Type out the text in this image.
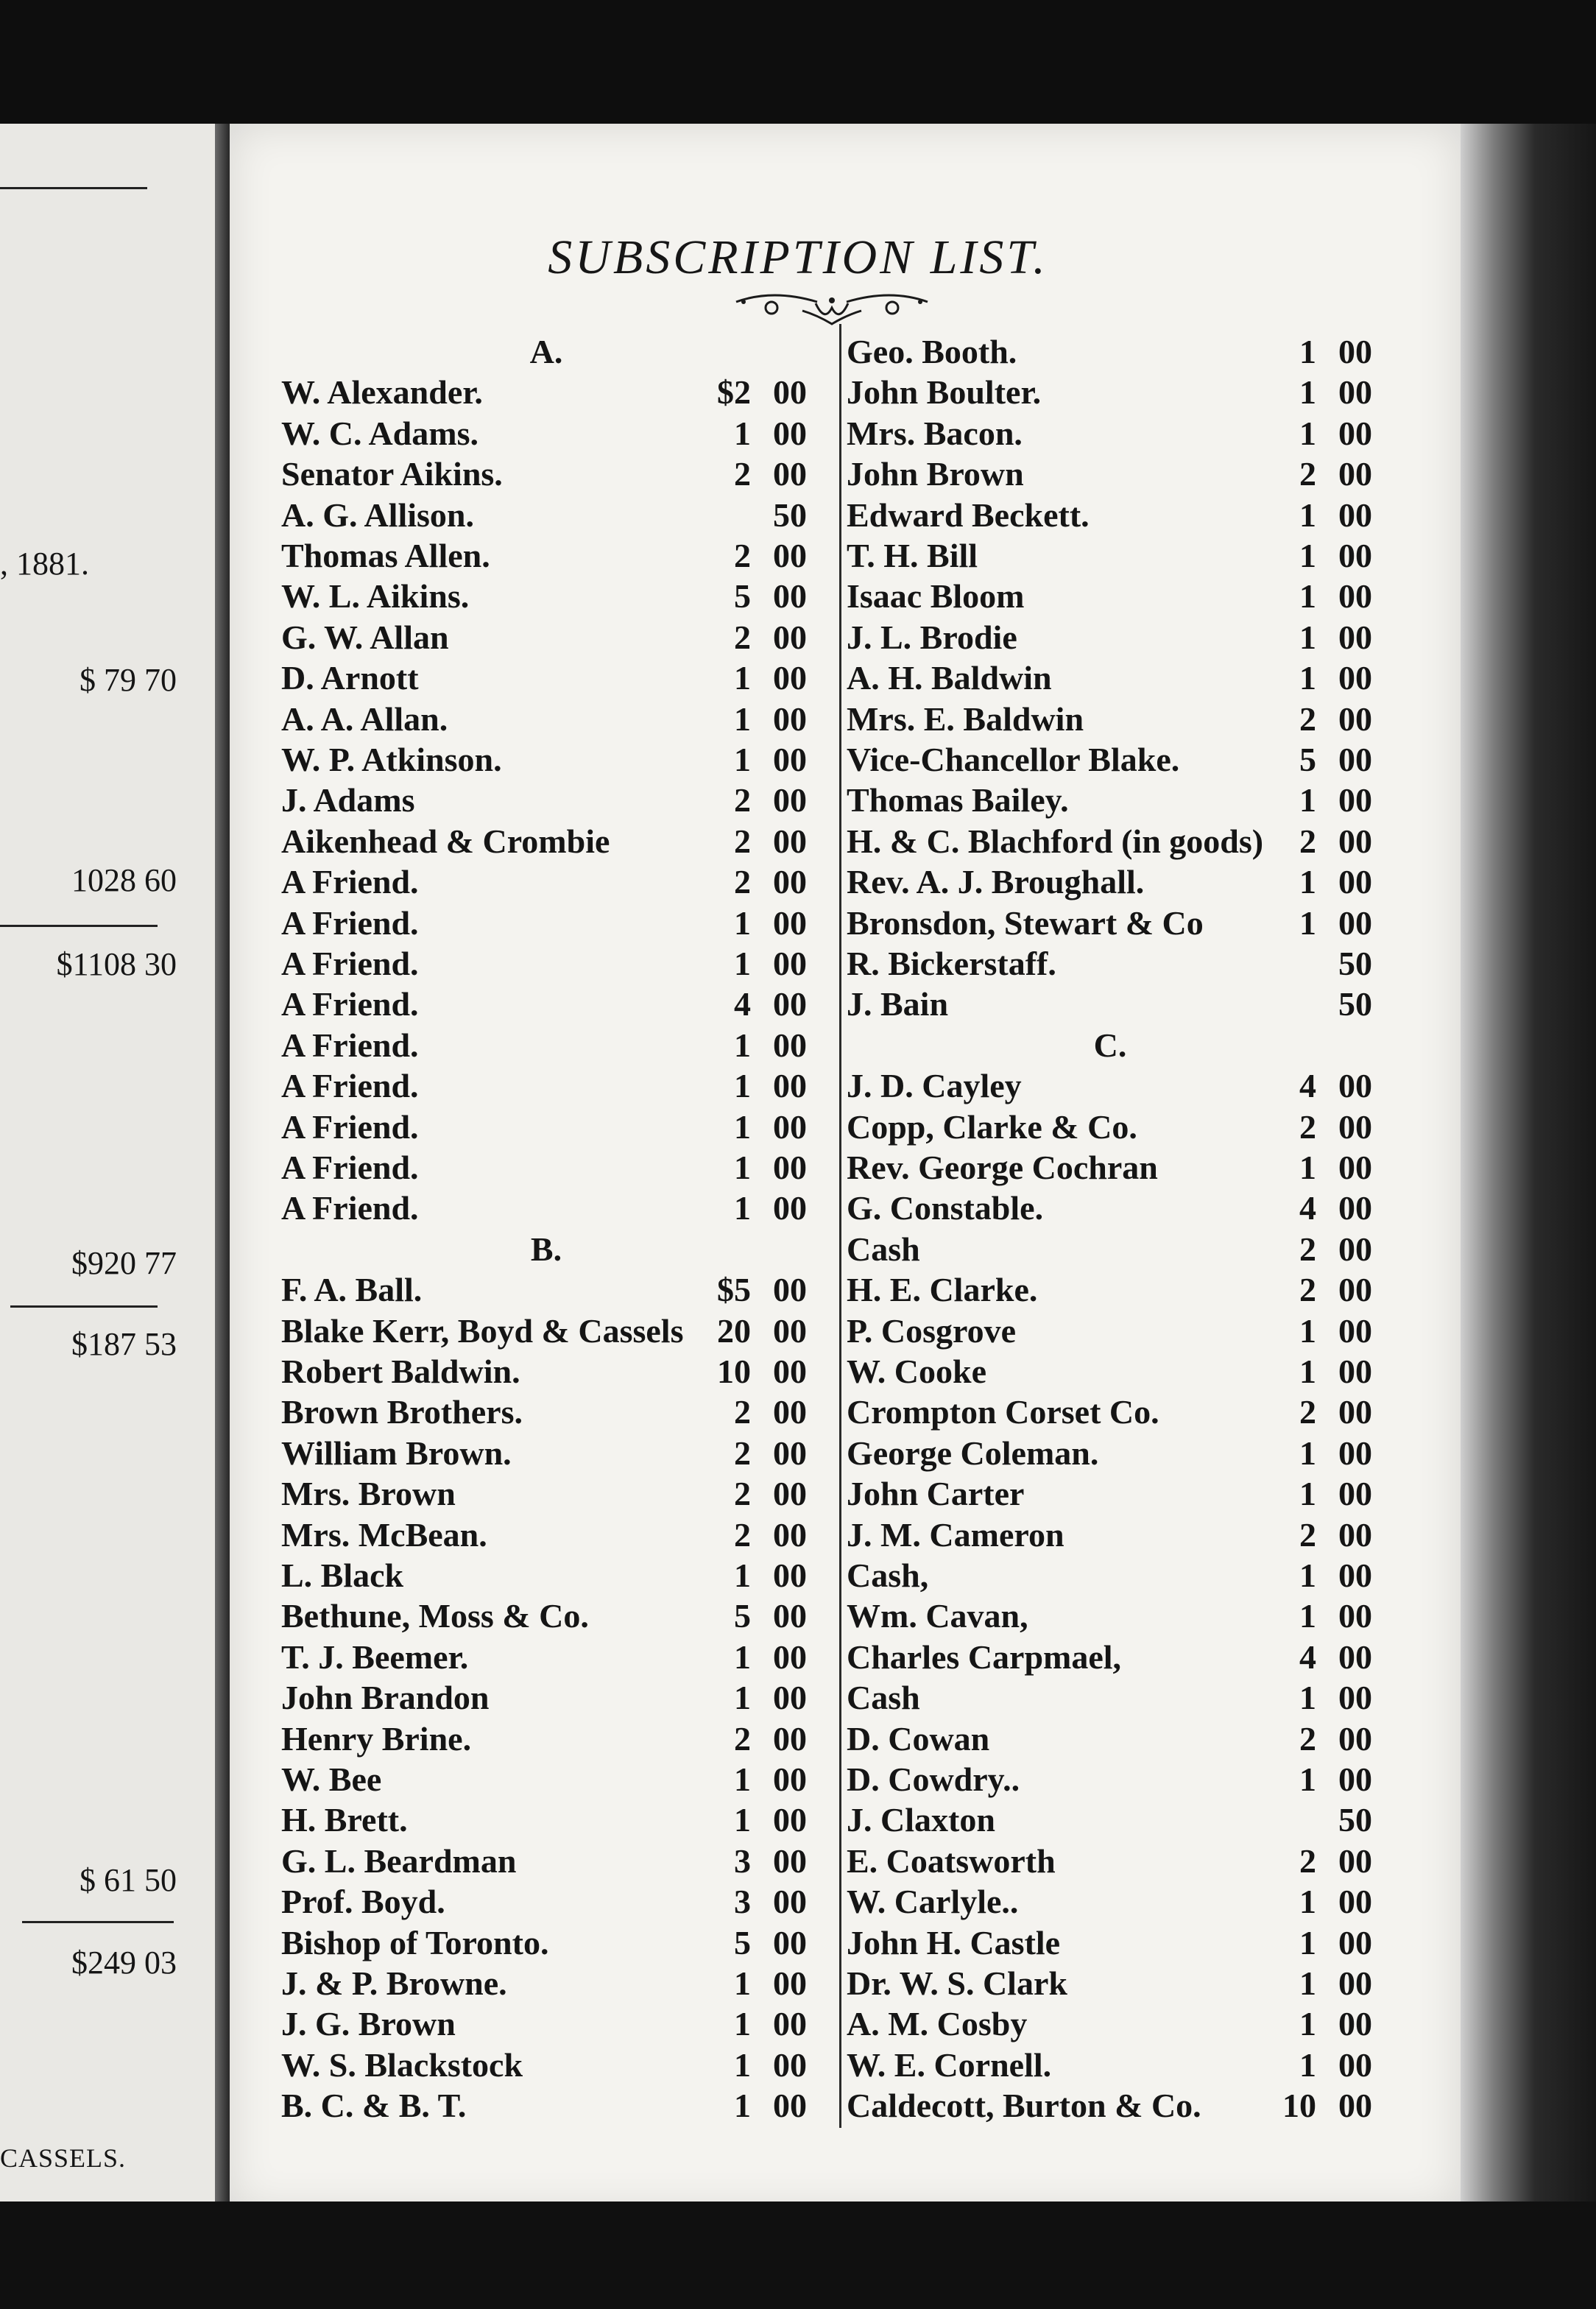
, 1881.
$ 79 70
1028 60
$1108 30
$920 77
$187 53
$ 61 50
$249 03
CASSELS.
SUBSCRIPTION LIST.
A.
W. Alexander.	$2 00
W. C. Adams.	1 00
Senator Aikins.	2 00
A. G. Allison.	50
Thomas Allen.	2 00
W. L. Aikins.	5 00
G. W. Allan	2 00
D. Arnott	1 00
A. A. Allan.	1 00
W. P. Atkinson.	1 00
J. Adams	2 00
Aikenhead & Crombie	2 00
A Friend.	2 00
A Friend.	1 00
A Friend.	1 00
A Friend.	4 00
A Friend.	1 00
A Friend.	1 00
A Friend.	1 00
A Friend.	1 00
A Friend.	1 00
B.
F. A. Ball.	$5 00
Blake Kerr, Boyd & Cassels 20 00
Robert Baldwin.	10 00
Brown Brothers.	2 00
William Brown.	2 00
Mrs. Brown	2 00
Mrs. McBean.	2 00
L. Black	1 00
Bethune, Moss & Co.	5 00
T. J. Beemer.	1 00
John Brandon	1 00
Henry Brine.	2 00
W. Bee	1 00
H. Brett.	1 00
G. L. Beardman	3 00
Prof. Boyd.	3 00
Bishop of Toronto.	5 00
J. & P. Browne.	1 00
J. G. Brown	1 00
W. S. Blackstock	1 00
B. C. & B. T.	1 00
Geo. Booth.	1 00
John Boulter.	1 00
Mrs. Bacon.	1 00
John Brown	2 00
Edward Beckett.	1 00
T. H. Bill	1 00
Isaac Bloom	1 00
J. L. Brodie	1 00
A. H. Baldwin	1 00
Mrs. E. Baldwin	2 00
Vice-Chancellor Blake.	5 00
Thomas Bailey.	1 00
H. & C. Blachford (in goods) 2 00
Rev. A. J. Broughall.	1 00
Bronsdon, Stewart & Co	1 00
R. Bickerstaff.	50
J. Bain	50
C.
J. D. Cayley	4 00
Copp, Clarke & Co.	2 00
Rev. George Cochran	1 00
G. Constable.	4 00
Cash	2 00
H. E. Clarke.	2 00
P. Cosgrove	1 00
W. Cooke	1 00
Crompton Corset Co.	2 00
George Coleman.	1 00
John Carter	1 00
J. M. Cameron	2 00
Cash,	1 00
Wm. Cavan,	1 00
Charles Carpmael,	4 00
Cash	1 00
D. Cowan	2 00
D. Cowdry..	1 00
J. Claxton	50
E. Coatsworth	2 00
W. Carlyle..	1 00
John H. Castle	1 00
Dr. W. S. Clark	1 00
A. M. Cosby	1 00
W. E. Cornell.	1 00
Caldecott, Burton & Co. 10 00
